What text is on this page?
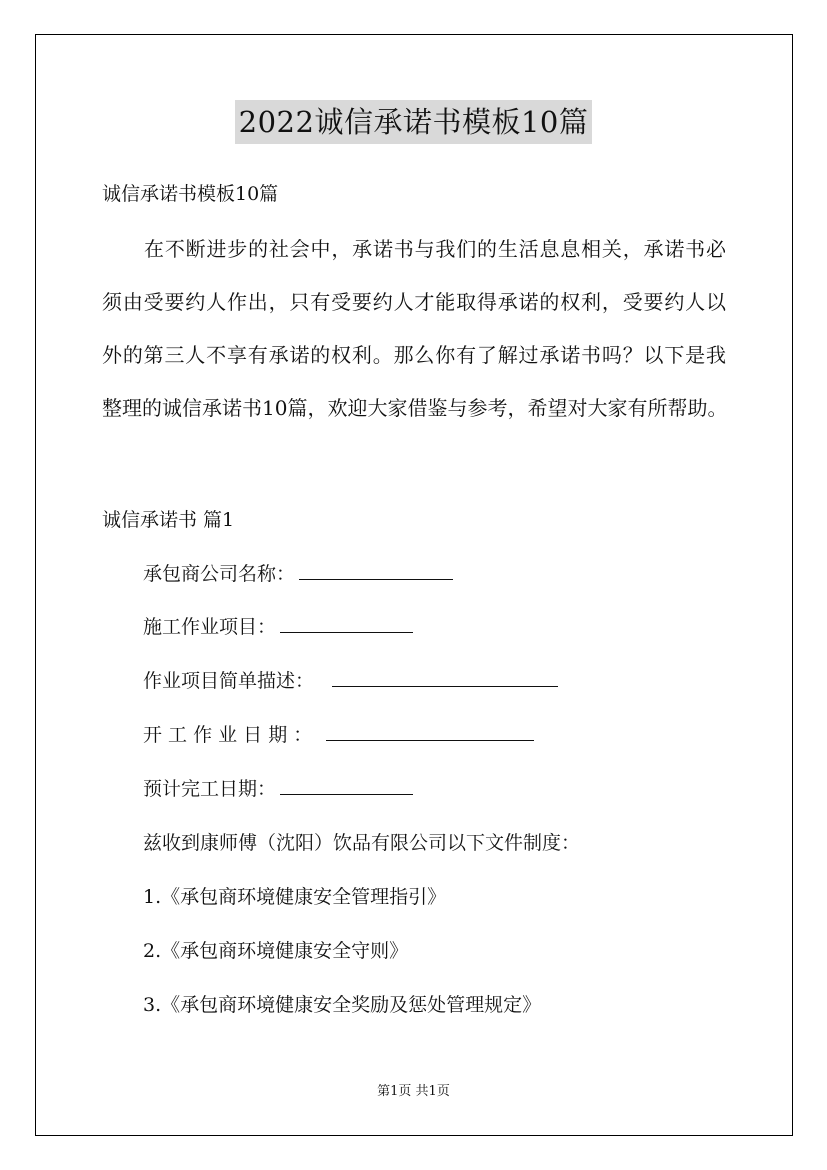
2022诚信承诺书模板10篇
诚信承诺书模板10篇
在不断进步的社会中，承诺书与我们的生活息息相关，承诺书必
须由受要约人作出，只有受要约人才能取得承诺的权利，受要约人以
外的第三人不享有承诺的权利。那么你有了解过承诺书吗？以下是我
整理的诚信承诺书10篇，欢迎大家借鉴与参考，希望对大家有所帮助。
诚信承诺书 篇1
承包商公司名称：
施工作业项目：
作业项目简单描述：
开 工 作 业 日 期 ：
预计完工日期：
兹收到康师傅（沈阳）饮品有限公司以下文件制度：
1.《承包商环境健康安全管理指引》
2.《承包商环境健康安全守则》
3.《承包商环境健康安全奖励及惩处管理规定》
第1页 共1页
